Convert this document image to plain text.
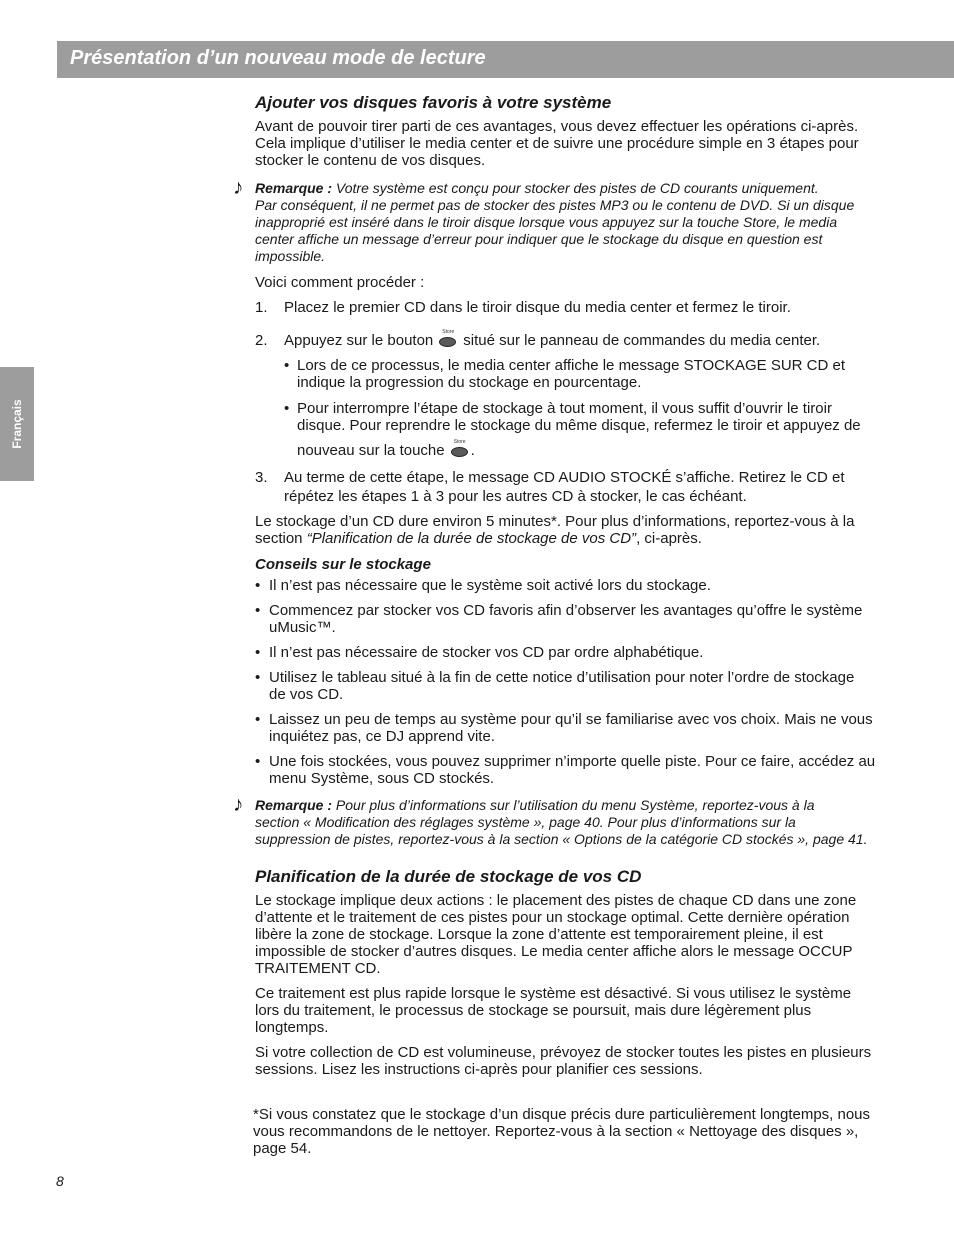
Présentation d’un nouveau mode de lecture
Français
Ajouter vos disques favoris à votre système
Avant de pouvoir tirer parti de ces avantages, vous devez effectuer les opérations ci-après.
Cela implique d’utiliser le media center et de suivre une procédure simple en 3 étapes pour
stocker le contenu de vos disques.
♪ Remarque : Votre système est conçu pour stocker des pistes de CD courants uniquement.
Par conséquent, il ne permet pas de stocker des pistes MP3 ou le contenu de DVD. Si un disque
inapproprié est inséré dans le tiroir disque lorsque vous appuyez sur la touche Store, le media
center affiche un message d’erreur pour indiquer que le stockage du disque en question est
impossible.
Voici comment procéder :
1. Placez le premier CD dans le tiroir disque du media center et fermez le tiroir.
2. Appuyez sur le bouton
Store
situé sur le panneau de commandes du media center.
• Lors de ce processus, le media center affiche le message STOCKAGE SUR CD et
indique la progression du stockage en pourcentage.
• Pour interrompre l’étape de stockage à tout moment, il vous suffit d’ouvrir le tiroir
disque. Pour reprendre le stockage du même disque, refermez le tiroir et appuyez de
nouveau sur la touche
Store
.
3. Au terme de cette étape, le message CD AUDIO STOCKÉ s’affiche. Retirez le CD et
répétez les étapes 1 à 3 pour les autres CD à stocker, le cas échéant.
Le stockage d’un CD dure environ 5 minutes*. Pour plus d’informations, reportez-vous à la
section “Planification de la durée de stockage de vos CD”, ci-après.
Conseils sur le stockage
• Il n’est pas nécessaire que le système soit activé lors du stockage.
• Commencez par stocker vos CD favoris afin d’observer les avantages qu’offre le système
uMusic™.
• Il n’est pas nécessaire de stocker vos CD par ordre alphabétique.
• Utilisez le tableau situé à la fin de cette notice d’utilisation pour noter l’ordre de stockage
de vos CD.
• Laissez un peu de temps au système pour qu’il se familiarise avec vos choix. Mais ne vous
inquiétez pas, ce DJ apprend vite.
• Une fois stockées, vous pouvez supprimer n’importe quelle piste. Pour ce faire, accédez au
menu Système, sous CD stockés.
♪ Remarque : Pour plus d’informations sur l’utilisation du menu Système, reportez-vous à la
section « Modification des réglages système », page 40. Pour plus d’informations sur la
suppression de pistes, reportez-vous à la section « Options de la catégorie CD stockés », page 41.
Planification de la durée de stockage de vos CD
Le stockage implique deux actions : le placement des pistes de chaque CD dans une zone
d’attente et le traitement de ces pistes pour un stockage optimal. Cette dernière opération
libère la zone de stockage. Lorsque la zone d’attente est temporairement pleine, il est
impossible de stocker d’autres disques. Le media center affiche alors le message OCCUP
TRAITEMENT CD.
Ce traitement est plus rapide lorsque le système est désactivé. Si vous utilisez le système
lors du traitement, le processus de stockage se poursuit, mais dure légèrement plus
longtemps.
Si votre collection de CD est volumineuse, prévoyez de stocker toutes les pistes en plusieurs
sessions. Lisez les instructions ci-après pour planifier ces sessions.
*Si vous constatez que le stockage d’un disque précis dure particulièrement longtemps, nous
vous recommandons de le nettoyer. Reportez-vous à la section « Nettoyage des disques »,
page 54.
8
